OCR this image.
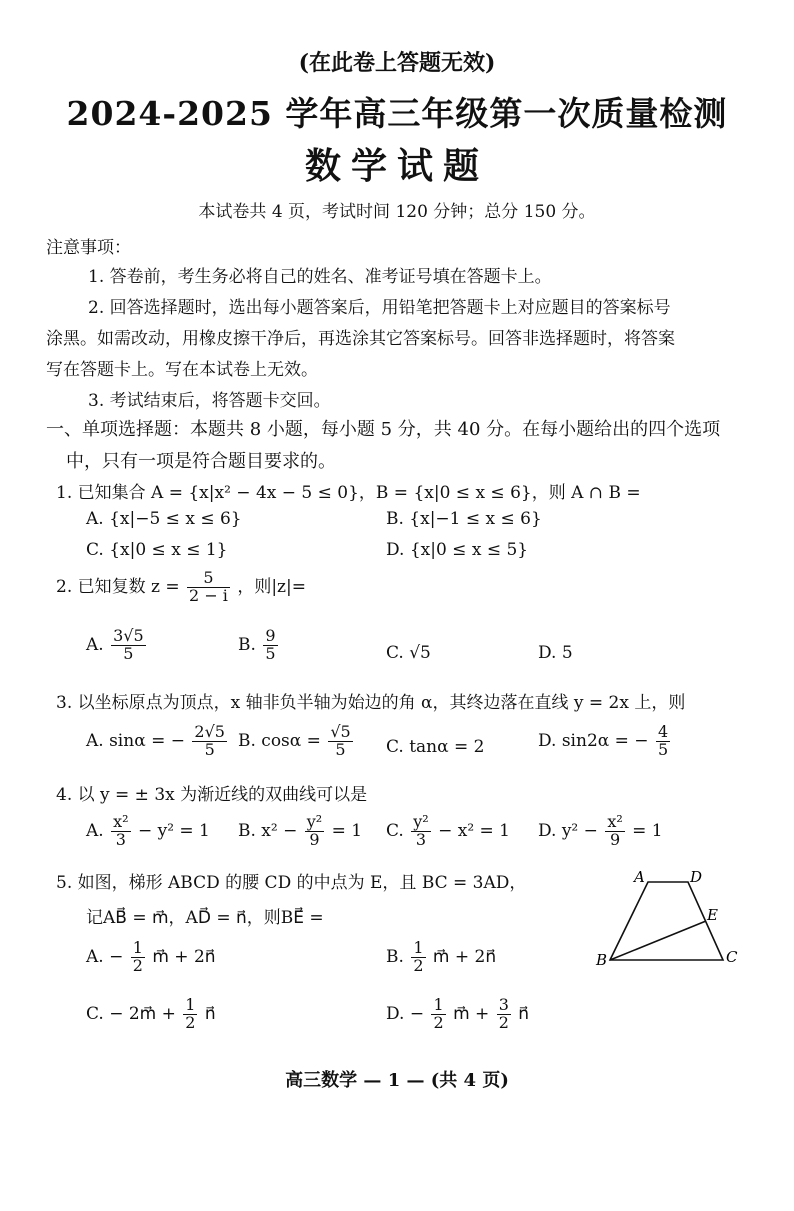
(在此卷上答题无效)
2024-2025 学年高三年级第一次质量检测
数学试题
本试卷共 4 页，考试时间 120 分钟；总分 150 分。
注意事项：
1. 答卷前，考生务必将自己的姓名、准考证号填在答题卡上。
2. 回答选择题时，选出每小题答案后，用铅笔把答题卡上对应题目的答案标号
涂黑。如需改动，用橡皮擦干净后，再选涂其它答案标号。回答非选择题时，将答案
写在答题卡上。写在本试卷上无效。
3. 考试结束后，将答题卡交回。
一、单项选择题：本题共 8 小题，每小题 5 分，共 40 分。在每小题给出的四个选项
中，只有一项是符合题目要求的。
1. 已知集合 A = {x|x² − 4x − 5 ≤ 0}，B = {x|0 ≤ x ≤ 6}，则 A ∩ B =
A. {x|−5 ≤ x ≤ 6}	B. {x|−1 ≤ x ≤ 6}
C. {x|0 ≤ x ≤ 1}	D. {x|0 ≤ x ≤ 5}
2. 已知复数 $z = \frac{5}{2 - i}$ ，则|z|=
A. $\frac{3√5}{5}$	B. $\frac{9}{5}$	C. √5	D. 5
3. 以坐标原点为顶点，x 轴非负半轴为始边的角 α，其终边落在直线 y = 2x 上，则
A. sinα = − $\frac{2√5}{5} B$. $\cos\alpha = \frac{√5}{5} C$. tanα = 2	D. sin2α = − $\frac{4}{5}$
4. 以 y = ± 3x 为渐近线的双曲线可以是
A. $\frac{\text{x²}}{3} - y^2 = 1$ B. $x^2 - \frac{\text{y²}}{9} = 1$ C. $\frac{\text{y²}}{3} - x^2 = 1$ D. $y^2 - \frac{\text{x²}}{9} = 1$
5. 如图，梯形 ABCD 的腰 CD 的中点为 E，且 BC = 3AD，
记AB⃗ = m⃗，AD⃗ = n⃗，则BE⃗ =
A. − $\frac{1}{2}$ m⃗ + 2n⃗	B. $\frac{1}{2}$ m⃗ + 2n⃗
C. − 2m⃗ + $\frac{1}{2}$ n⃗	D. − $\frac{1}{2}$ m⃗ + $\frac{3}{2}$ n⃗
A	D
E
B	C
高三数学 — 1 — (共 4 页)
